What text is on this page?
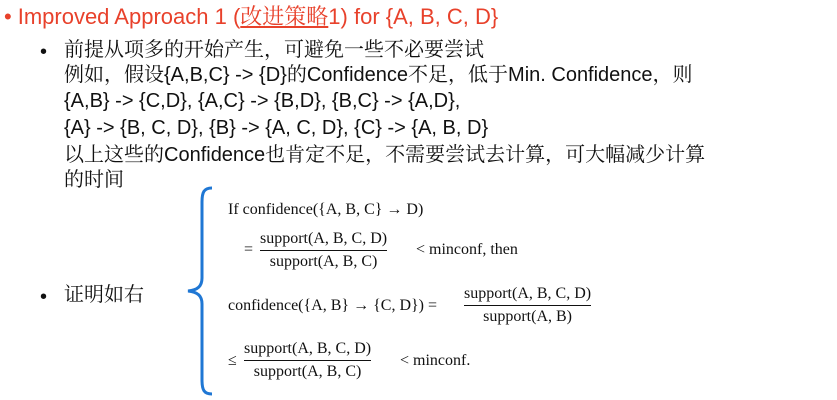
• Improved Approach 1 (改进策略1) for {A, B, C, D}
• 前提从项多的开始产生，可避免一些不必要尝试
例如，假设{A,B,C} -> {D}的Confidence不足，低于Min. Confidence，则
{A,B} -> {C,D}, {A,C} -> {B,D}, {B,C} -> {A,D},
{A} -> {B, C, D}, {B} -> {A, C, D}, {C} -> {A, B, D}
以上这些的Confidence也肯定不足，不需要尝试去计算，可大幅减少计算
的时间
• 证明如右
If confidence({A, B, C} → D)
=
support(A, B, C, D)
support(A, B, C)
< minconf, then
confidence({A, B} → {C, D}) =
support(A, B, C, D)
support(A, B)
≤
support(A, B, C, D)
support(A, B, C)
< minconf.
